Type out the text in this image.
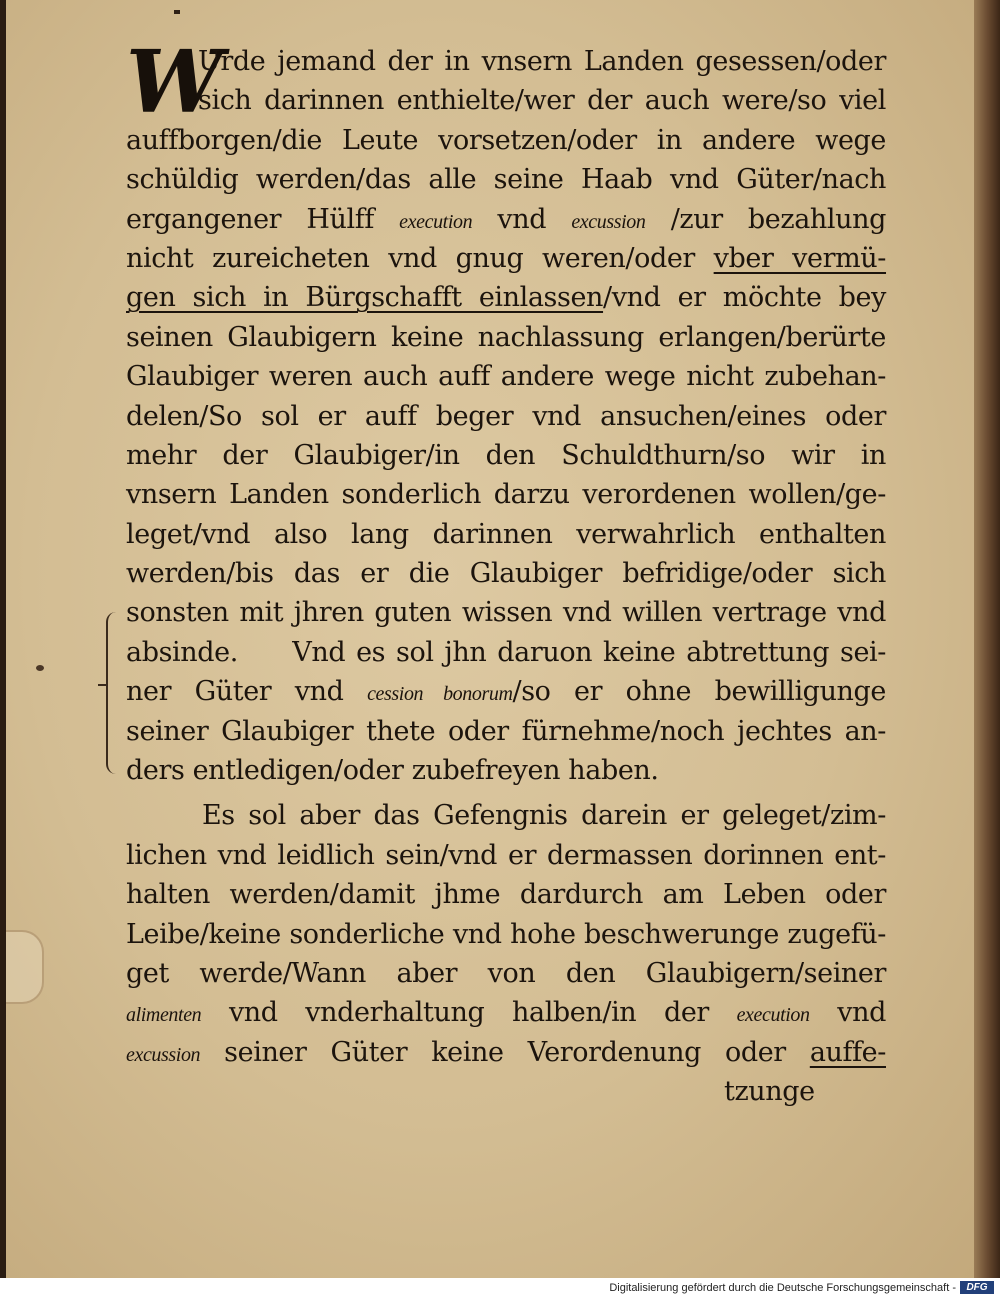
W
Urde jemand der in vnsern Landen gesessen/oder
sich darinnen enthielte/wer der auch were/so viel
auffborgen/die Leute vorsetzen/oder in andere wege
schüldig werden/das alle seine Haab vnd Güter/nach
ergangener Hülff execution vnd excussion /zur bezahlung
nicht zureicheten vnd gnug weren/oder vber vermü-
gen sich in Bürgschafft einlassen/vnd er möchte bey
seinen Glaubigern keine nachlassung erlangen/berürte
Glaubiger weren auch auff andere wege nicht zubehan-
delen/So sol er auff beger vnd ansuchen/eines oder
mehr der Glaubiger/in den Schuldthurn/so wir in
vnsern Landen sonderlich darzu verordenen wollen/ge-
leget/vnd also lang darinnen verwahrlich enthalten
werden/bis das er die Glaubiger befridige/oder sich
sonsten mit jhren guten wissen vnd willen vertrage vnd
absinde.     Vnd es sol jhn daruon keine abtrettung sei-
ner Güter vnd cession bonorum/so er ohne bewilligunge
seiner Glaubiger thete oder fürnehme/noch jechtes an-
ders entledigen/oder zubefreyen haben.
Es sol aber das Gefengnis darein er geleget/zim-
lichen vnd leidlich sein/vnd er dermassen dorinnen ent-
halten werden/damit jhme dardurch am Leben oder
Leibe/keine sonderliche vnd hohe beschwerunge zugefü-
get werde/Wann aber von den Glaubigern/seiner
alimenten vnd vnderhaltung halben/in der execution vnd
excussion seiner Güter keine Verordenung oder auffe-
tzunge
Digitalisierung gefördert durch die Deutsche Forschungsgemeinschaft -	DFG
